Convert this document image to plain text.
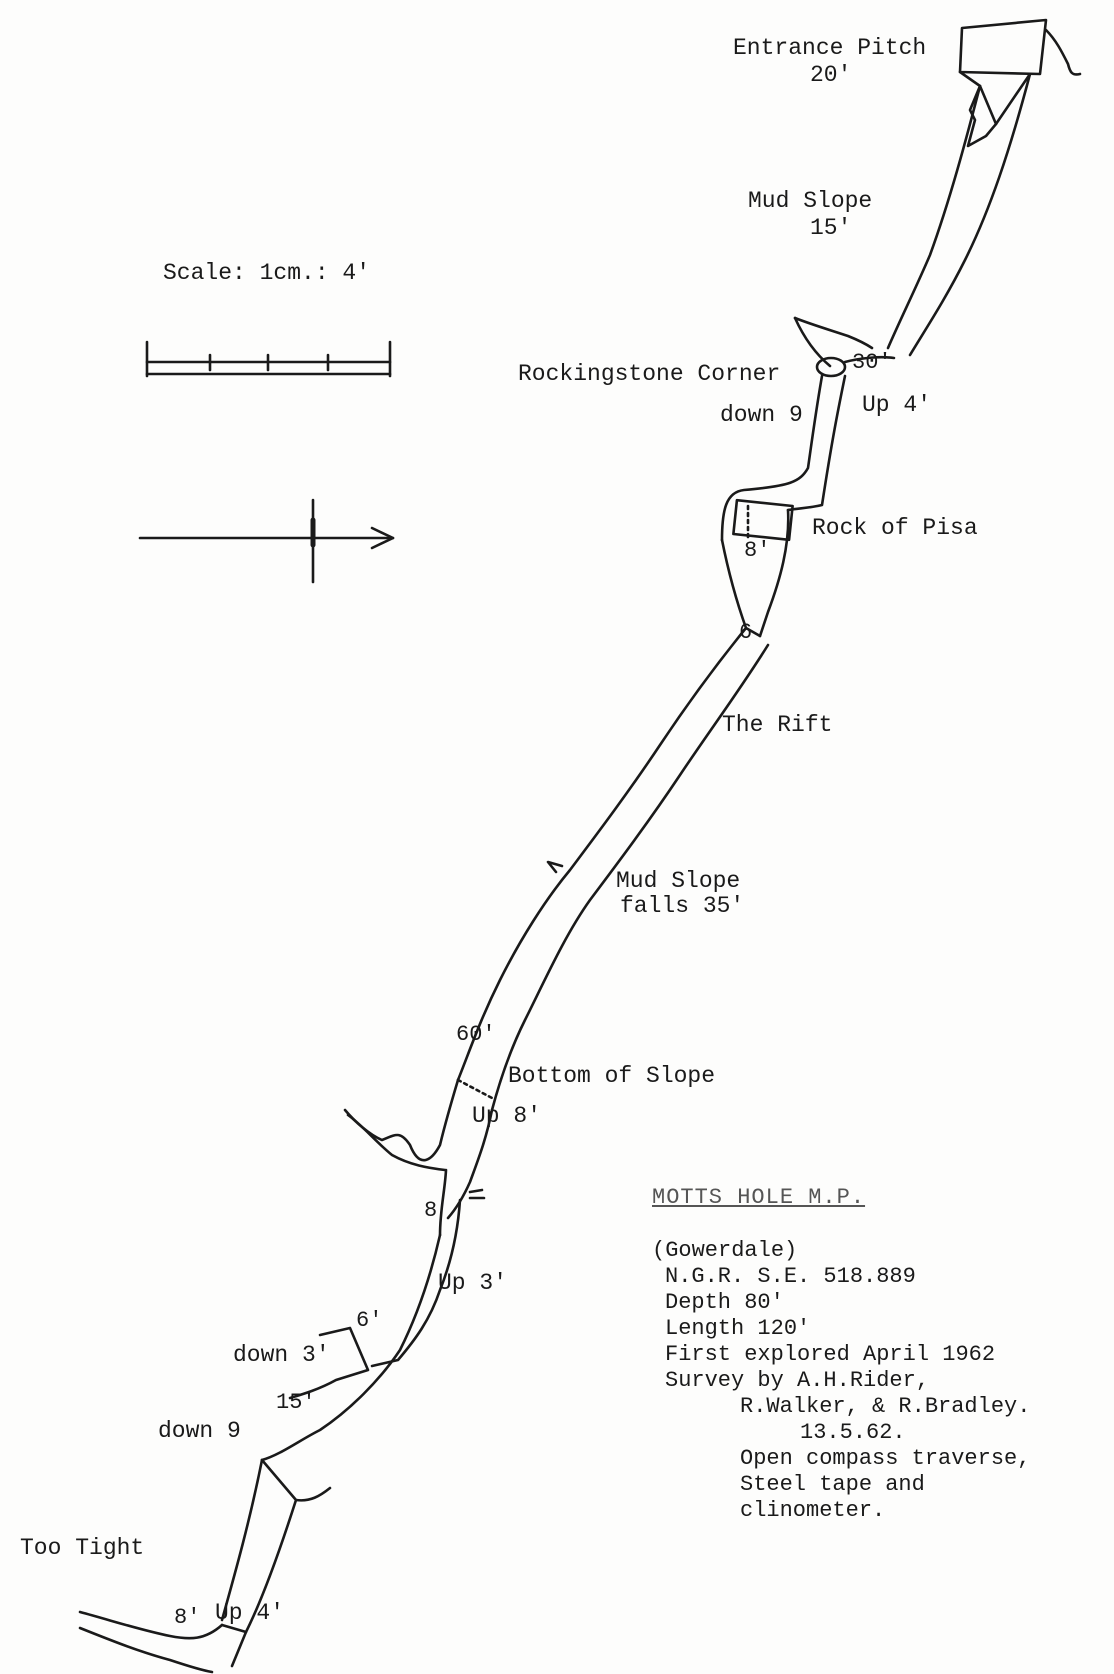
Scale: 1cm.: 4'
Entrance Pitch
20'
Mud Slope
15'
Rockingstone Corner
down 9	Up 4'
Rock of Pisa
The Rift
Mud Slope
falls 35'
Bottom of Slope
Up 8'
Up 3'
down 3'
down 9
Too Tight
Up 4'
30'
8'
6
60'
8
6'
15'
8'
MOTTS HOLE M.P.
(Gowerdale)
N.G.R. S.E. 518.889
Depth 80'
Length 120'
First explored April 1962
Survey by A.H.Rider,
R.Walker, & R.Bradley.
13.5.62.
Open compass traverse,
Steel tape and
clinometer.
